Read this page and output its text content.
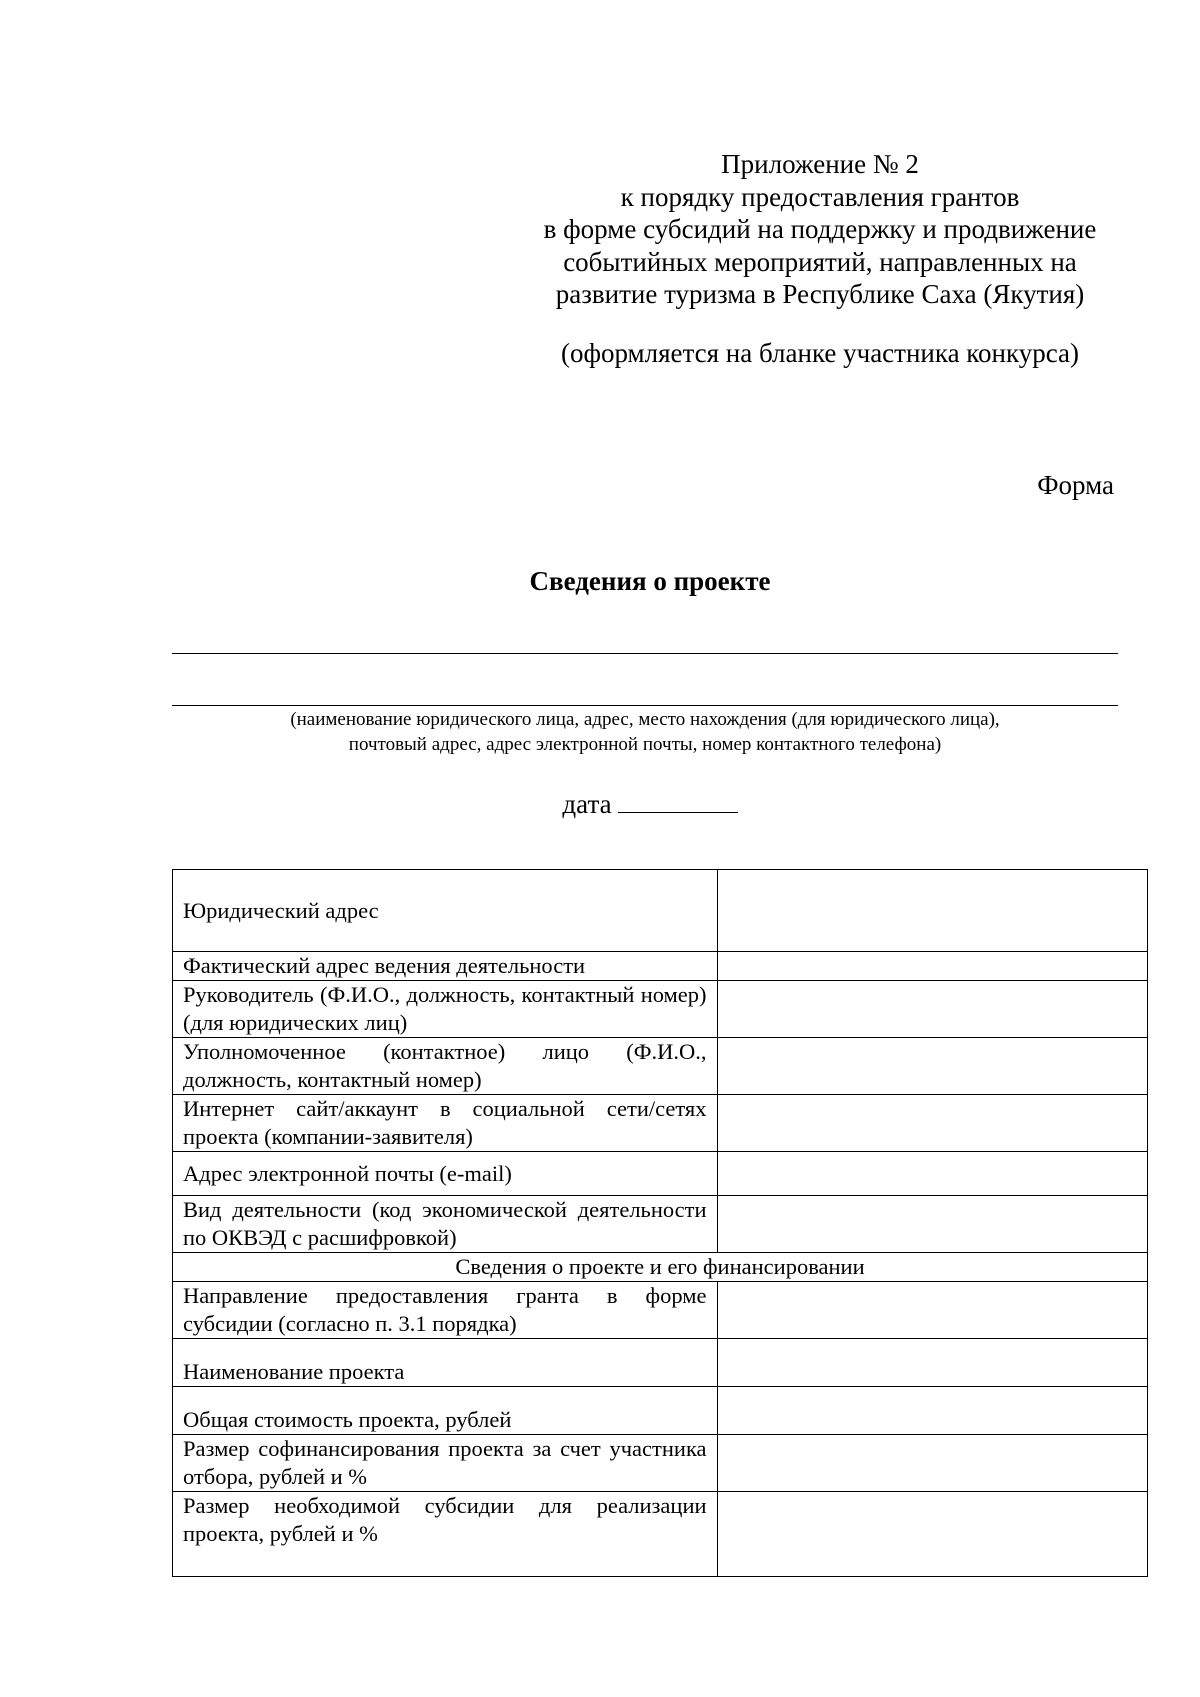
Приложение № 2
к порядку предоставления грантов
в форме субсидий на поддержку и продвижение
событийных мероприятий, направленных на
развитие туризма в Республике Саха (Якутия)
(оформляется на бланке участника конкурса)
Форма
Сведения о проекте
(наименование юридического лица, адрес, место нахождения (для юридического лица),
почтовый адрес, адрес электронной почты, номер контактного телефона)
дата
Юридический адрес	
Фактический адрес ведения деятельности	
Руководитель (Ф.И.О., должность, контактный номер) (для юридических лиц)	
Уполномоченное (контактное) лицо (Ф.И.О., должность, контактный номер)	
Интернет сайт/аккаунт в социальной сети/сетях проекта (компании-заявителя)	
Адрес электронной почты (e-mail)	
Вид деятельности (код экономической деятельности по ОКВЭД с расшифровкой)	
Сведения о проекте и его финансировании	
Направление предоставления гранта в форме субсидии (согласно п. 3.1 порядка)	
Наименование проекта	
Общая стоимость проекта, рублей	
Размер софинансирования проекта за счет участника отбора, рублей и %	
Размер необходимой субсидии для реализации проекта, рублей и %	
